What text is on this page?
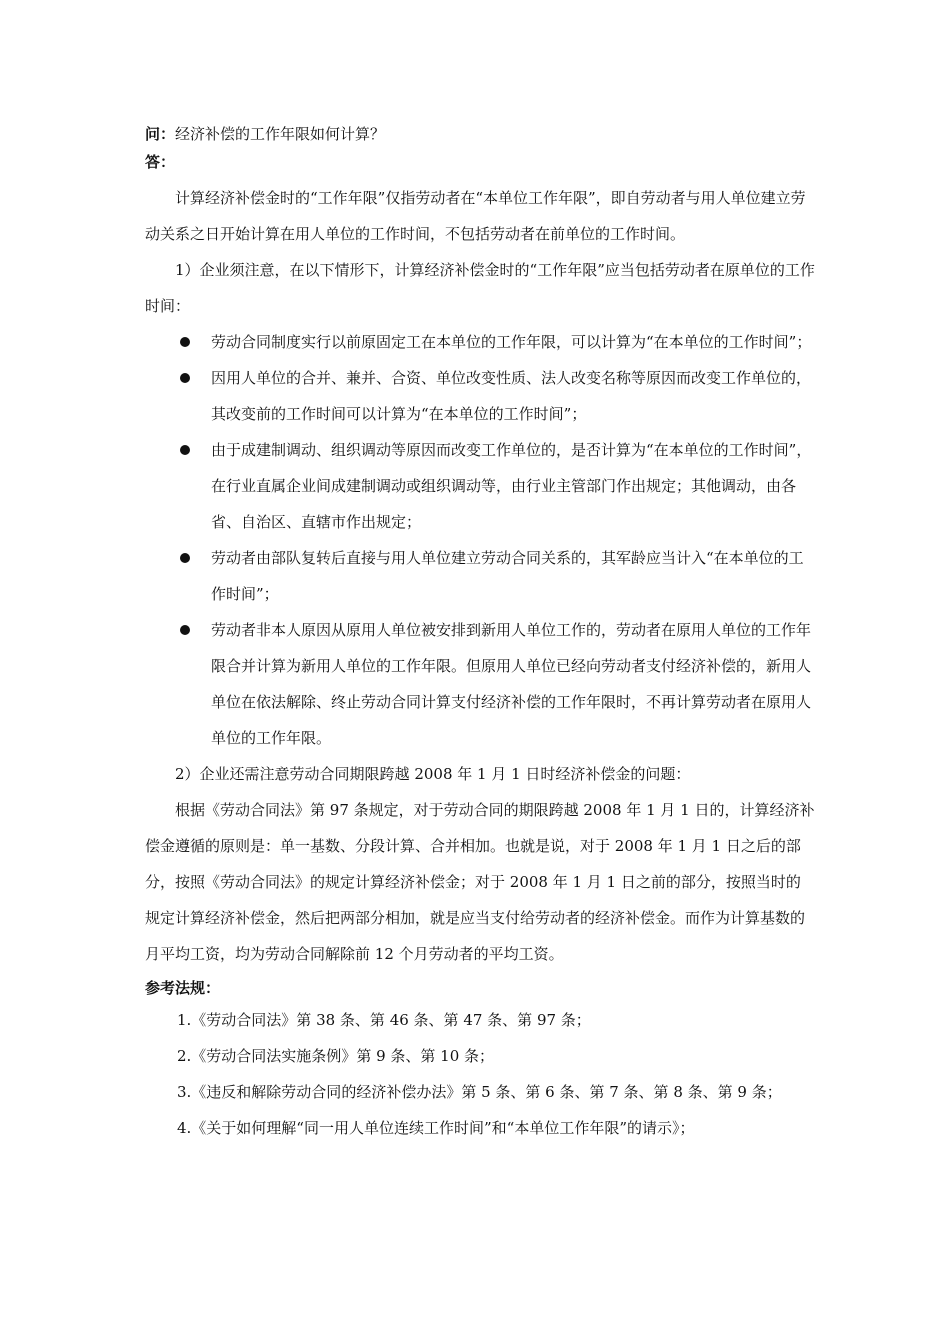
问：经济补偿的工作年限如何计算？
答：
计算经济补偿金时的“工作年限”仅指劳动者在“本单位工作年限”，即自劳动者与用人单位建立劳动关系之日开始计算在用人单位的工作时间，不包括劳动者在前单位的工作时间。
1）企业须注意，在以下情形下，计算经济补偿金时的“工作年限”应当包括劳动者在原单位的工作时间：
劳动合同制度实行以前原固定工在本单位的工作年限，可以计算为“在本单位的工作时间”；
因用人单位的合并、兼并、合资、单位改变性质、法人改变名称等原因而改变工作单位的，其改变前的工作时间可以计算为“在本单位的工作时间”；
由于成建制调动、组织调动等原因而改变工作单位的，是否计算为“在本单位的工作时间”，在行业直属企业间成建制调动或组织调动等，由行业主管部门作出规定；其他调动，由各省、自治区、直辖市作出规定；
劳动者由部队复转后直接与用人单位建立劳动合同关系的，其军龄应当计入“在本单位的工作时间”；
劳动者非本人原因从原用人单位被安排到新用人单位工作的，劳动者在原用人单位的工作年限合并计算为新用人单位的工作年限。但原用人单位已经向劳动者支付经济补偿的，新用人单位在依法解除、终止劳动合同计算支付经济补偿的工作年限时，不再计算劳动者在原用人单位的工作年限。
2）企业还需注意劳动合同期限跨越 2008 年 1 月 1 日时经济补偿金的问题：
根据《劳动合同法》第 97 条规定，对于劳动合同的期限跨越 2008 年 1 月 1 日的，计算经济补偿金遵循的原则是：单一基数、分段计算、合并相加。也就是说，对于 2008 年 1 月 1 日之后的部分，按照《劳动合同法》的规定计算经济补偿金；对于 2008 年 1 月 1 日之前的部分，按照当时的规定计算经济补偿金，然后把两部分相加，就是应当支付给劳动者的经济补偿金。而作为计算基数的月平均工资，均为劳动合同解除前 12 个月劳动者的平均工资。
参考法规：
1.《劳动合同法》第 38 条、第 46 条、第 47 条、第 97 条；
2.《劳动合同法实施条例》第 9 条、第 10 条；
3.《违反和解除劳动合同的经济补偿办法》第 5 条、第 6 条、第 7 条、第 8 条、第 9 条；
4.《关于如何理解“同一用人单位连续工作时间”和“本单位工作年限”的请示》；
